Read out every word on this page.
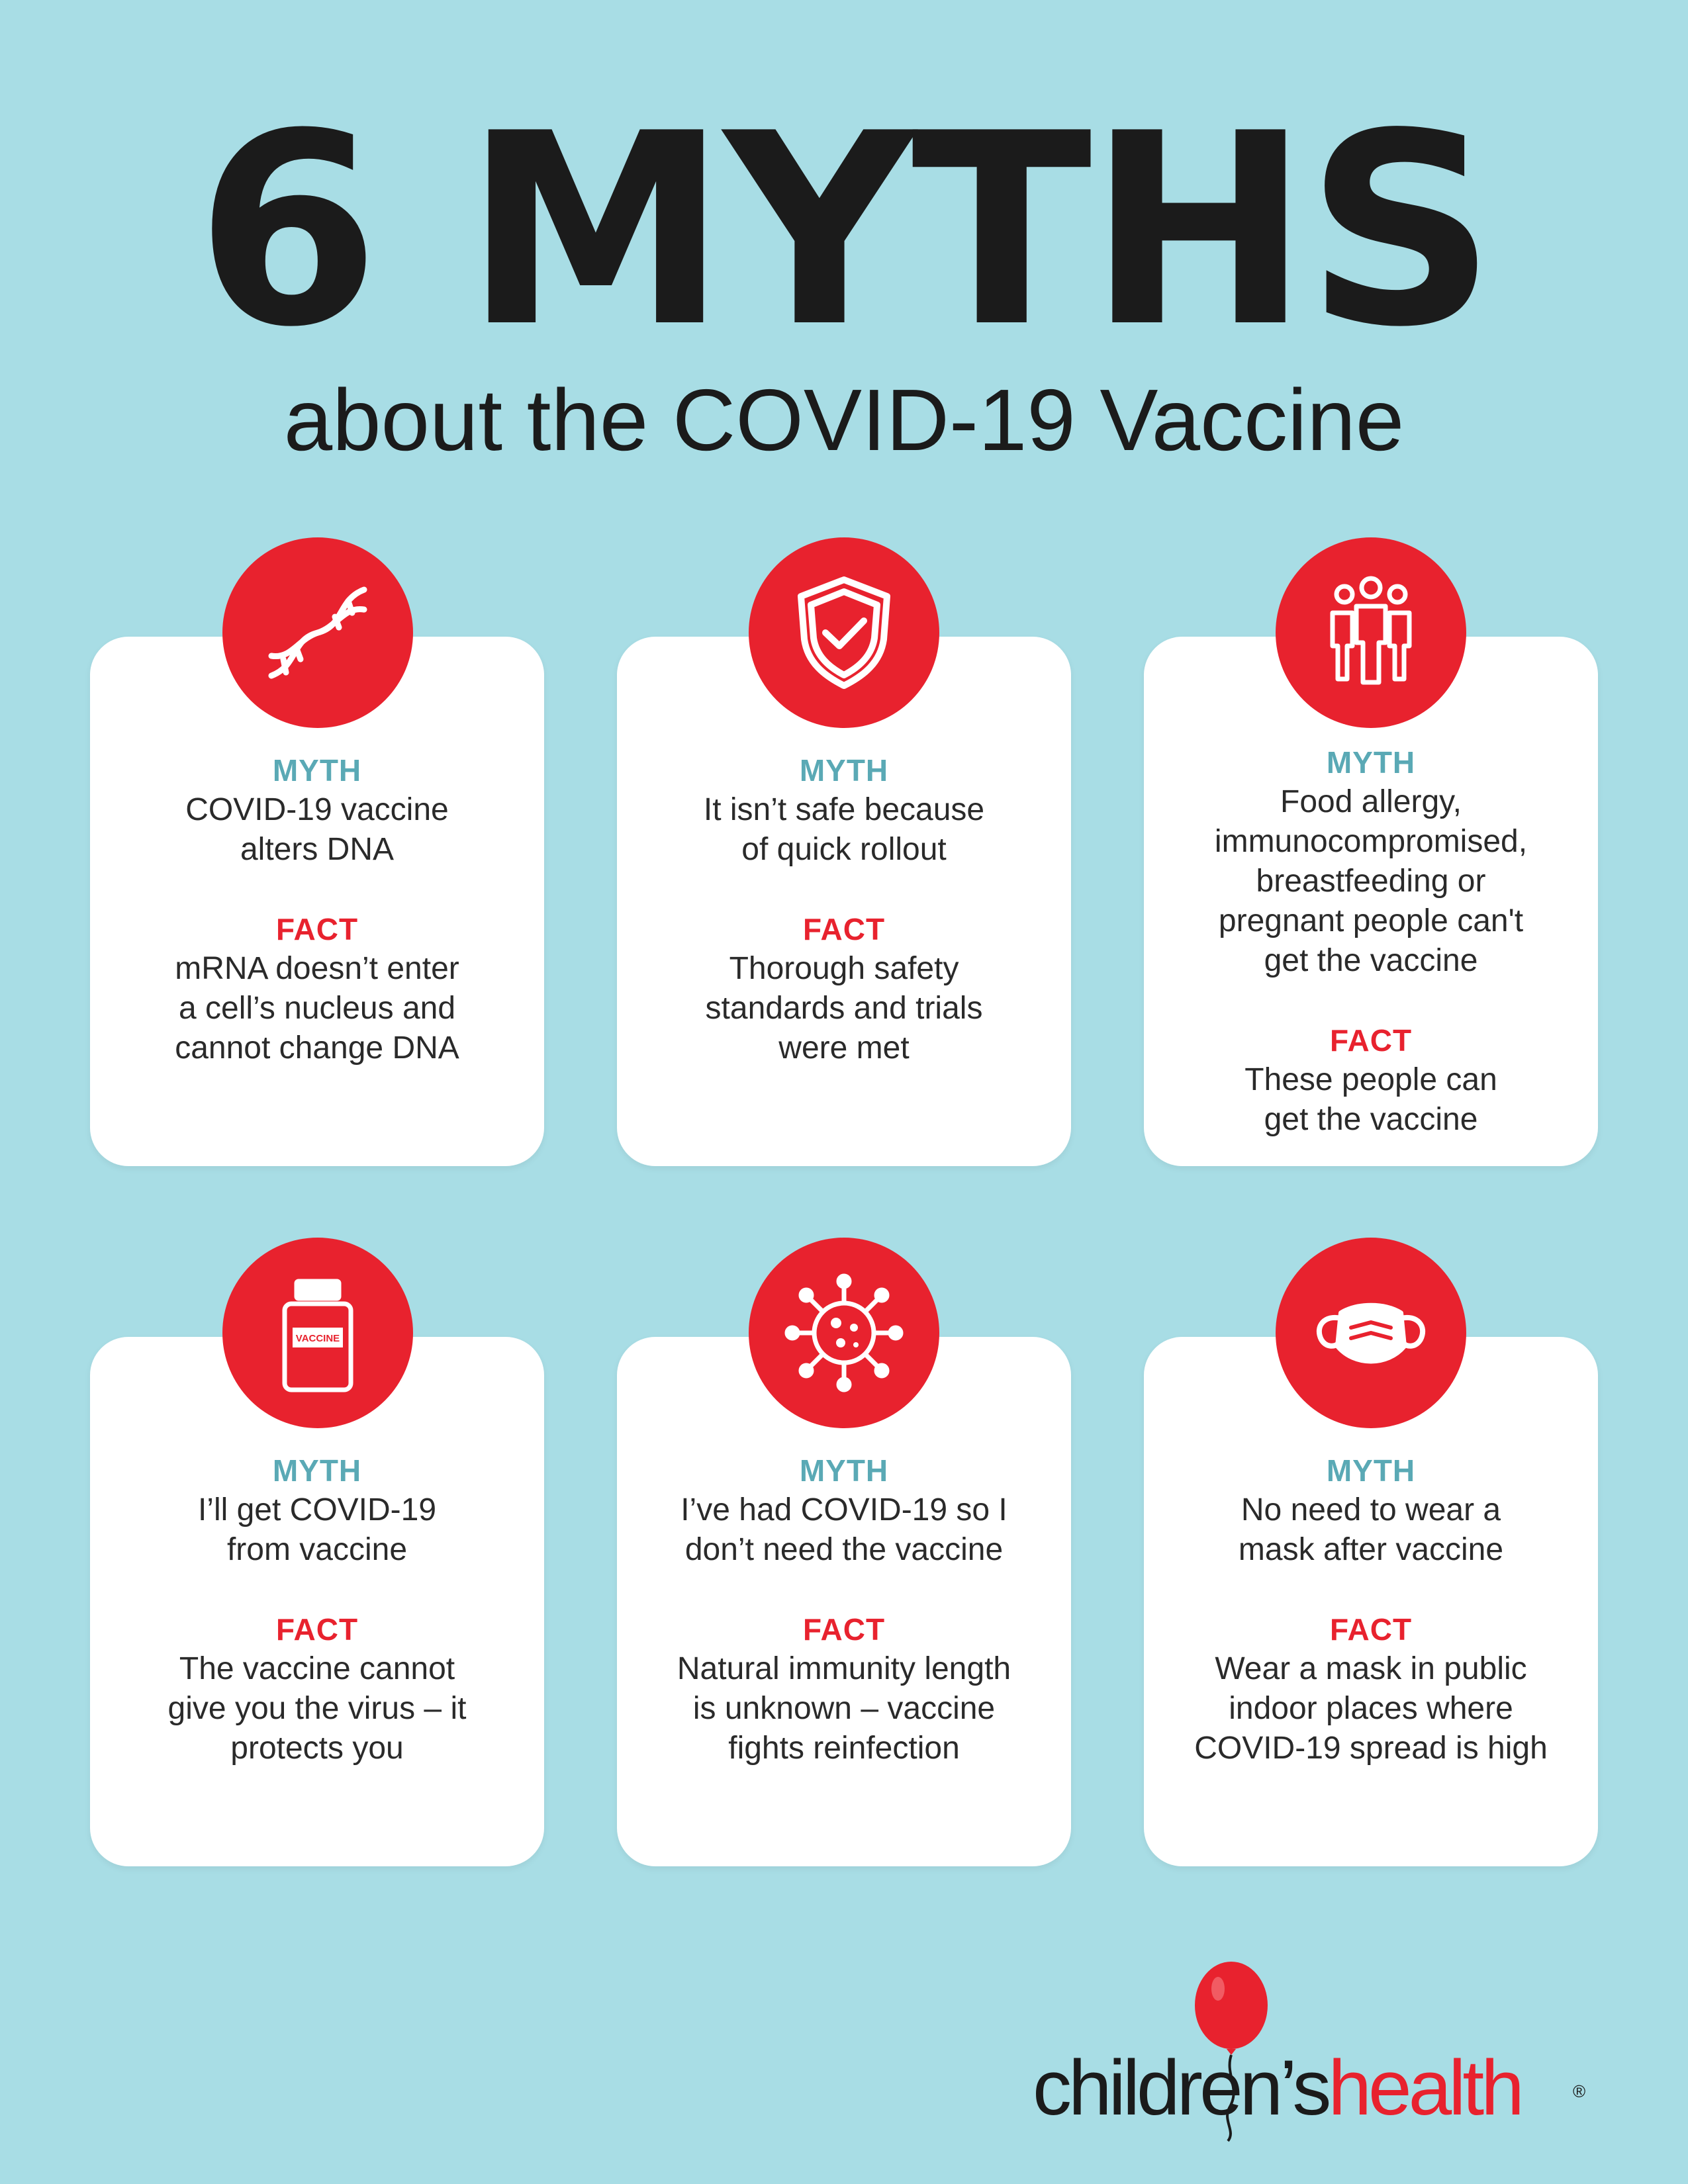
6 MYTHS
about the COVID-19 Vaccine
MYTH
COVID-19 vaccine
alters DNA
FACT
mRNA doesn’t enter
a cell’s nucleus and
cannot change DNA
MYTH
It isn’t safe because
of quick rollout
FACT
Thorough safety
standards and trials
were met
MYTH
Food allergy,
immunocompromised,
breastfeeding or
pregnant people can't
get the vaccine
FACT
These people can
get the vaccine
MYTH
I’ll get COVID-19
from vaccine
FACT
The vaccine cannot
give you the virus – it
protects you
VACCINE
MYTH
I’ve had COVID-19 so I
don’t need the vaccine
FACT
Natural immunity length
is unknown – vaccine
fights reinfection
MYTH
No need to wear a
mask after vaccine
FACT
Wear a mask in public
indoor places where
COVID-19 spread is high
children’shealth	®
